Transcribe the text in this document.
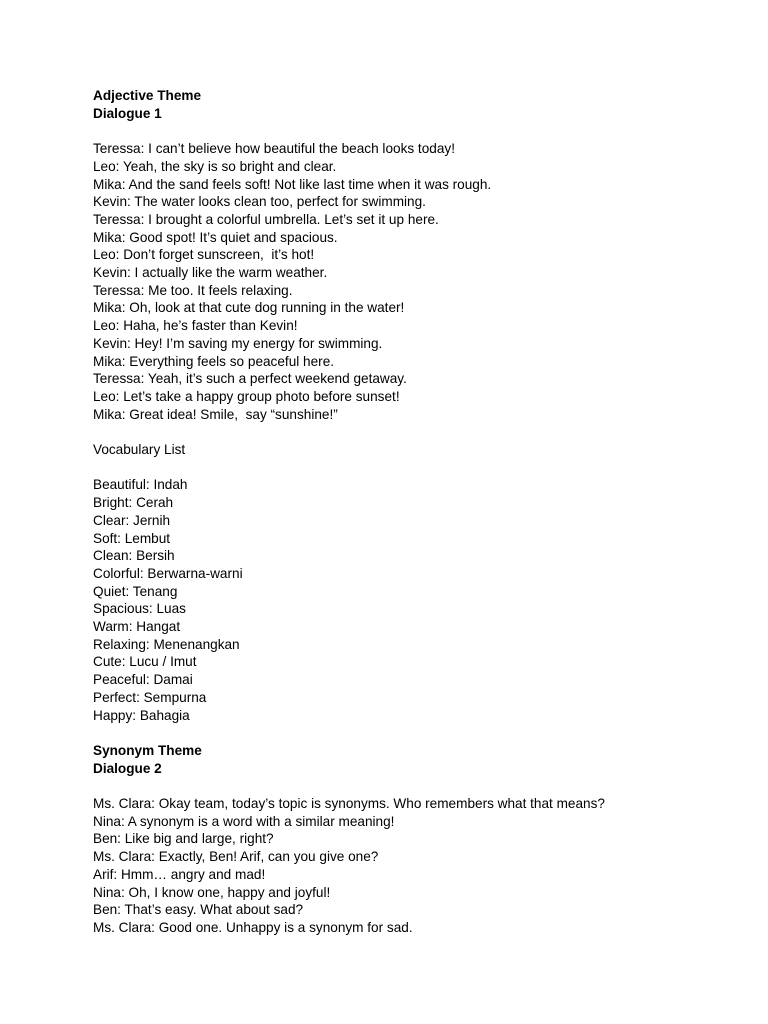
Adjective Theme
Dialogue 1
Teressa: I can’t believe how beautiful the beach looks today!
Leo: Yeah, the sky is so bright and clear.
Mika: And the sand feels soft! Not like last time when it was rough.
Kevin: The water looks clean too, perfect for swimming.
Teressa: I brought a colorful umbrella. Let’s set it up here.
Mika: Good spot! It’s quiet and spacious.
Leo: Don’t forget sunscreen,  it’s hot!
Kevin: I actually like the warm weather.
Teressa: Me too. It feels relaxing.
Mika: Oh, look at that cute dog running in the water!
Leo: Haha, he’s faster than Kevin!
Kevin: Hey! I’m saving my energy for swimming.
Mika: Everything feels so peaceful here.
Teressa: Yeah, it’s such a perfect weekend getaway.
Leo: Let’s take a happy group photo before sunset!
Mika: Great idea! Smile,  say “sunshine!”
Vocabulary List
Beautiful: Indah
Bright: Cerah
Clear: Jernih
Soft: Lembut
Clean: Bersih
Colorful: Berwarna-warni
Quiet: Tenang
Spacious: Luas
Warm: Hangat
Relaxing: Menenangkan
Cute: Lucu / Imut
Peaceful: Damai
Perfect: Sempurna
Happy: Bahagia
Synonym Theme
Dialogue 2
Ms. Clara: Okay team, today’s topic is synonyms. Who remembers what that means?
Nina: A synonym is a word with a similar meaning!
Ben: Like big and large, right?
Ms. Clara: Exactly, Ben! Arif, can you give one?
Arif: Hmm… angry and mad!
Nina: Oh, I know one, happy and joyful!
Ben: That’s easy. What about sad?
Ms. Clara: Good one. Unhappy is a synonym for sad.
